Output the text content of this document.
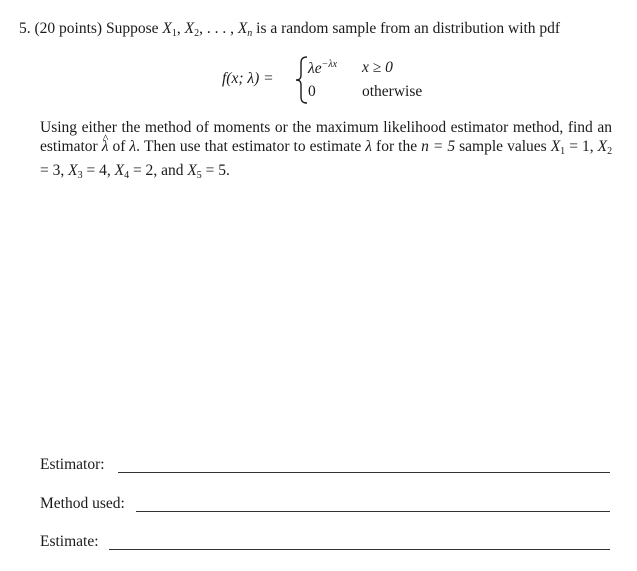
5. (20 points) Suppose $X_1$, $X_2$, . . . , $X_n$ is a random sample from an distribution with pdf
f(x; λ) =
$\lambda e^{-\lambda x}$ x ≥ 0
0	otherwise
Using either the method of moments or the maximum likelihood estimator method, find an estimator ^ λ of λ. Then use that estimator to estimate λ for the n = 5 sample values $X_1 = 1$, $X_2 = 3$, $X_3 = 4$, $X_4 = 2$, and $X_5 = 5$.
Estimator:
Method used:
Estimate:
